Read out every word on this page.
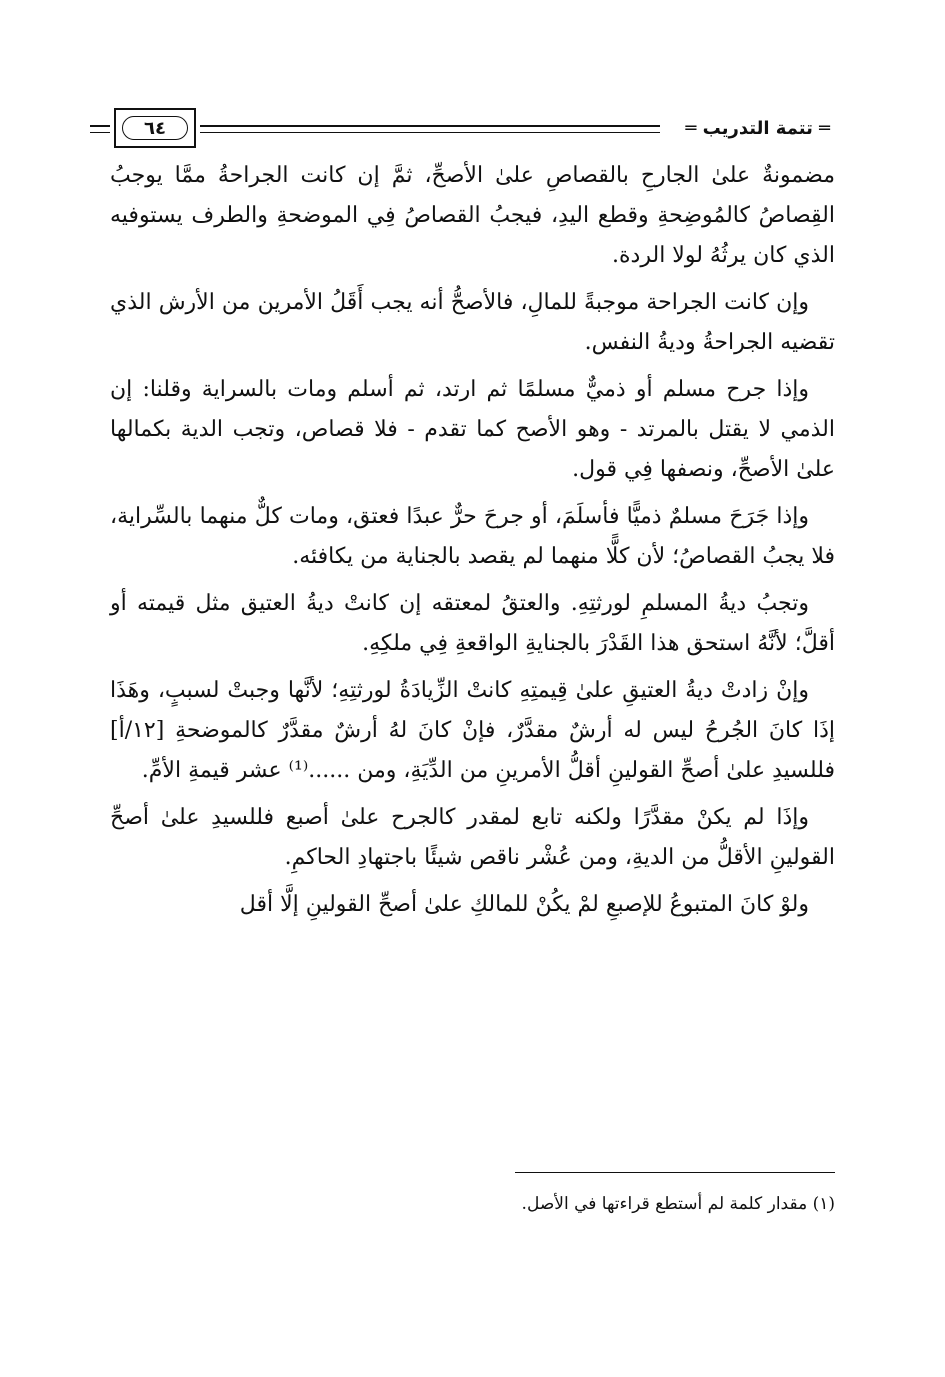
═ تتمة التدريب ═
٦٤

مضمونةٌ علىٰ الجارحِ بالقصاصِ علىٰ الأصحِّ، ثمَّ إن كانت الجراحةُ ممَّا يوجبُ القِصاصُ كالمُوضِحةِ وقطع اليدِ، فيجبُ القصاصُ فِي الموضحةِ والطرف يستوفيه الذي كان يرثُهُ لولا الردة.

وإن كانت الجراحة موجبةً للمالِ، فالأصحُّ أنه يجب أَقَلُ الأمرين من الأرش الذي تقضيه الجراحةُ وديةُ النفس.

وإذا جرح مسلم أو ذميٌّ مسلمًا ثم ارتد، ثم أسلم ومات بالسراية وقلنا: إن الذمي لا يقتل بالمرتد - وهو الأصح كما تقدم - فلا قصاص، وتجب الدية بكمالها علىٰ الأصحِّ، ونصفها فِي قول.

وإذا جَرَحَ مسلمٌ ذميًّا فأسلَمَ، أو جرحَ حرٌّ عبدًا فعتق، ومات كلٌّ منهما بالسِّراية، فلا يجبُ القصاصُ؛ لأن كلًّا منهما لم يقصد بالجناية من يكافئه.

وتجبُ ديةُ المسلمِ لورثتِهِ. والعتقُ لمعتقه إن كانتْ ديةُ العتيق مثل قيمته أو أقلَّ؛ لأنَّهُ استحق هذا القَدْرَ بالجنايةِ الواقعةِ فِي ملكِهِ.

وإنْ زادتْ ديةُ العتيقِ علىٰ قِيمتِهِ كانتْ الزِّيادَةُ لورثتِهِ؛ لأنَّها وجبتْ لسببٍ، وهَذَا إذَا كانَ الجُرحُ ليس له أرشٌ مقدَّرٌ، فإنْ كانَ لهُ أرشٌ مقدَّرٌ كالموضحةِ [١٢/أ] فللسيدِ علىٰ أصحِّ القولينِ أقلُّ الأمرينِ من الدِّيَةِ، ومن ......⁽¹⁾ عشر قيمةِ الأمِّ.

وإذَا لم يكنْ مقدَّرًا ولكنه تابع لمقدر كالجرح علىٰ أصبع فللسيدِ علىٰ أصحِّ القولينِ الأقلُّ من الديةِ، ومن عُشْر ناقص شيئًا باجتهادِ الحاكمِ.

ولوْ كانَ المتبوعُ للإصبعِ لمْ يكُنْ للمالكِ علىٰ أصحِّ القولينِ إلَّا أقل

(١) مقدار كلمة لم أستطع قراءتها في الأصل.
